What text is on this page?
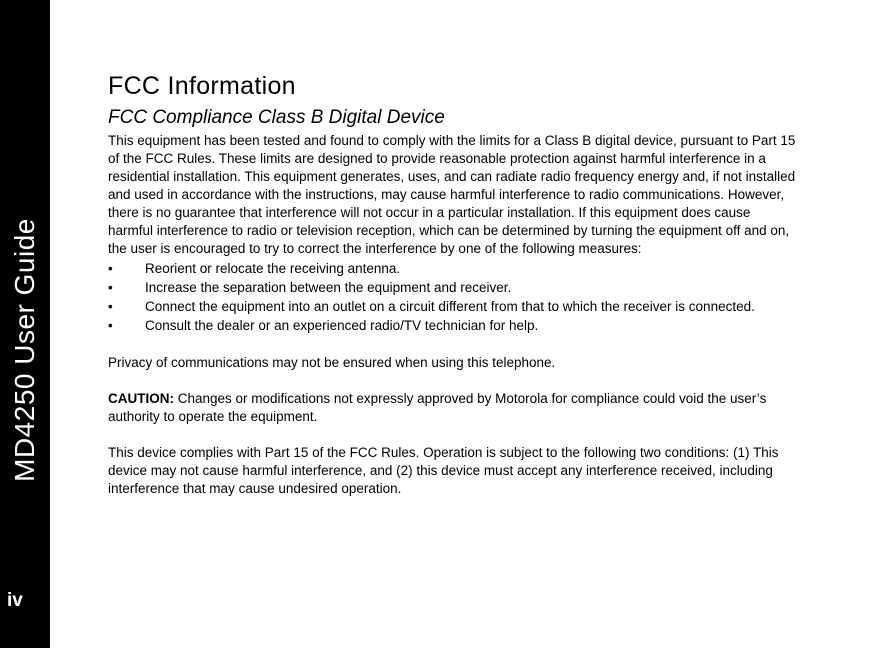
MD4250 User Guide
iv
FCC Information
FCC Compliance Class B Digital Device

This equipment has been tested and found to comply with the limits for a Class B digital device, pursuant to Part 15 of the FCC Rules. These limits are designed to provide reasonable protection against harmful interference in a residential installation. This equipment generates, uses, and can radiate radio frequency energy and, if not installed and used in accordance with the instructions, may cause harmful interference to radio communications. However, there is no guarantee that interference will not occur in a particular installation. If this equipment does cause harmful interference to radio or television reception, which can be determined by turning the equipment off and on, the user is encouraged to try to correct the interference by one of the following measures:

• Reorient or relocate the receiving antenna.
• Increase the separation between the equipment and receiver.
• Connect the equipment into an outlet on a circuit different from that to which the receiver is connected.
• Consult the dealer or an experienced radio/TV technician for help.

Privacy of communications may not be ensured when using this telephone.

CAUTION: Changes or modifications not expressly approved by Motorola for compliance could void the user’s authority to operate the equipment.

This device complies with Part 15 of the FCC Rules. Operation is subject to the following two conditions: (1) This device may not cause harmful interference, and (2) this device must accept any interference received, including interference that may cause undesired operation.
